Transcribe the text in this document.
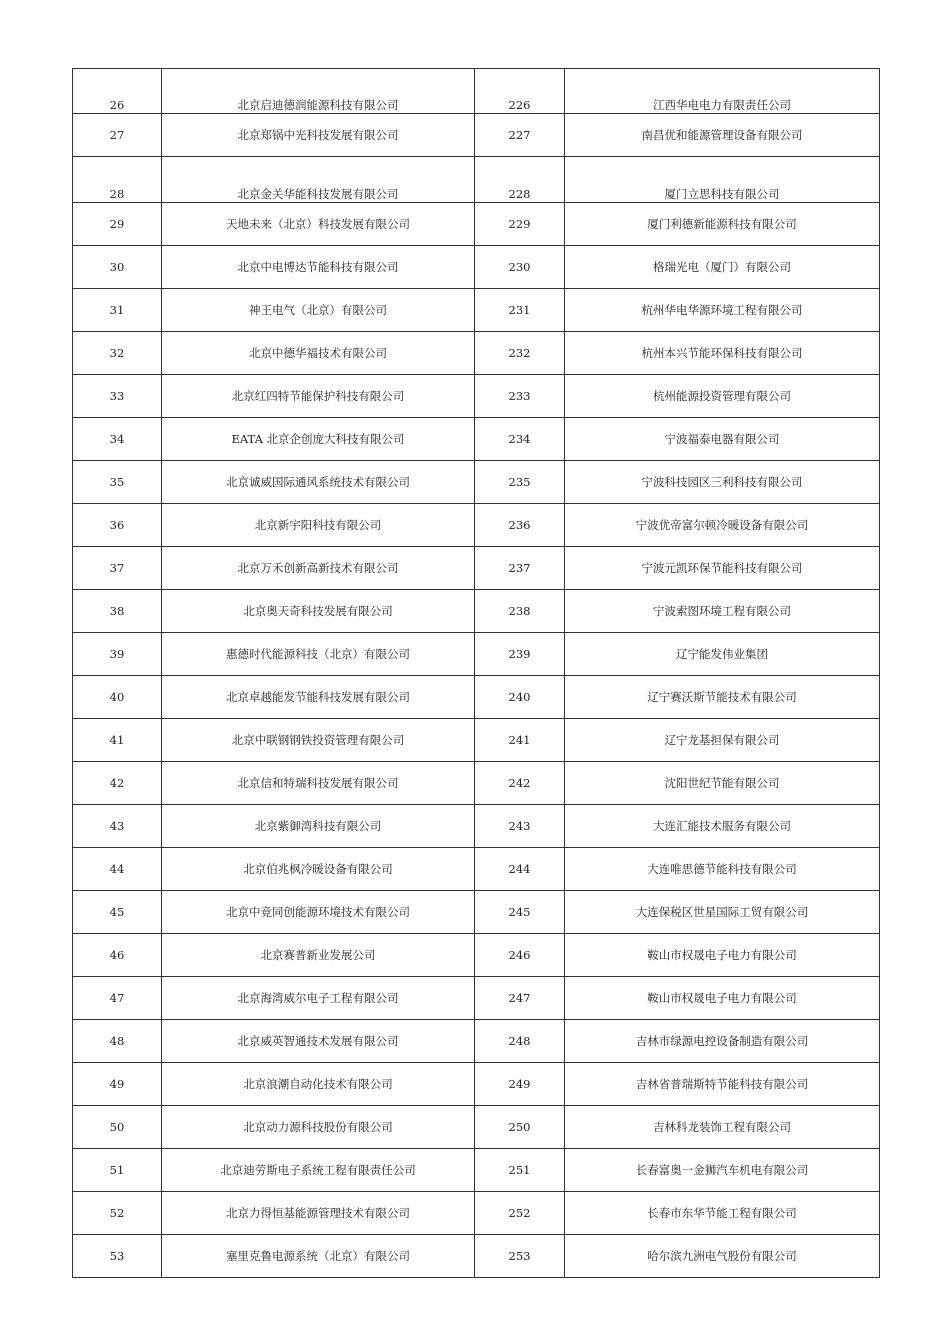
26	北京启迪德润能源科技有限公司	226	江西华电电力有限责任公司
27	北京郑锅中光科技发展有限公司	227	南昌优和能源管理设备有限公司
28	北京金关华能科技发展有限公司	228	厦门立思科技有限公司
29	天地未来（北京）科技发展有限公司	229	厦门利德新能源科技有限公司
30	北京中电博达节能科技有限公司	230	格瑞光电（厦门）有限公司
31	神王电气（北京）有限公司	231	杭州华电华源环境工程有限公司
32	北京中德华福技术有限公司	232	杭州本兴节能环保科技有限公司
33	北京红四特节能保护科技有限公司	233	杭州能源投资管理有限公司
34	EATA 北京企创庞大科技有限公司	234	宁波福泰电器有限公司
35	北京诚威国际通风系统技术有限公司	235	宁波科技园区三利科技有限公司
36	北京新宇阳科技有限公司	236	宁波优帝富尔顿冷暖设备有限公司
37	北京万禾创新高新技术有限公司	237	宁波元凯环保节能科技有限公司
38	北京奥天奇科技发展有限公司	238	宁波索图环境工程有限公司
39	惠德时代能源科技（北京）有限公司	239	辽宁能发伟业集团
40	北京卓越能发节能科技发展有限公司	240	辽宁赛沃斯节能技术有限公司
41	北京中联钢钢铁投资管理有限公司	241	辽宁龙基担保有限公司
42	北京信和特瑞科技发展有限公司	242	沈阳世纪节能有限公司
43	北京紫御湾科技有限公司	243	大连汇能技术服务有限公司
44	北京伯兆枫冷暖设备有限公司	244	大连唯思德节能科技有限公司
45	北京中竞同创能源环境技术有限公司	245	大连保税区世星国际工贸有限公司
46	北京赛普新业发展公司	246	鞍山市权晟电子电力有限公司
47	北京海湾威尔电子工程有限公司	247	鞍山市权晟电子电力有限公司
48	北京威英智通技术发展有限公司	248	吉林市绿源电控设备制造有限公司
49	北京浪潮自动化技术有限公司	249	吉林省普瑞斯特节能科技有限公司
50	北京动力源科技股份有限公司	250	吉林科龙装饰工程有限公司
51	北京迪劳斯电子系统工程有限责任公司	251	长春富奥一金狮汽车机电有限公司
52	北京力得恒基能源管理技术有限公司	252	长春市东华节能工程有限公司
53	塞里克鲁电源系统（北京）有限公司	253	哈尔滨九洲电气股份有限公司
